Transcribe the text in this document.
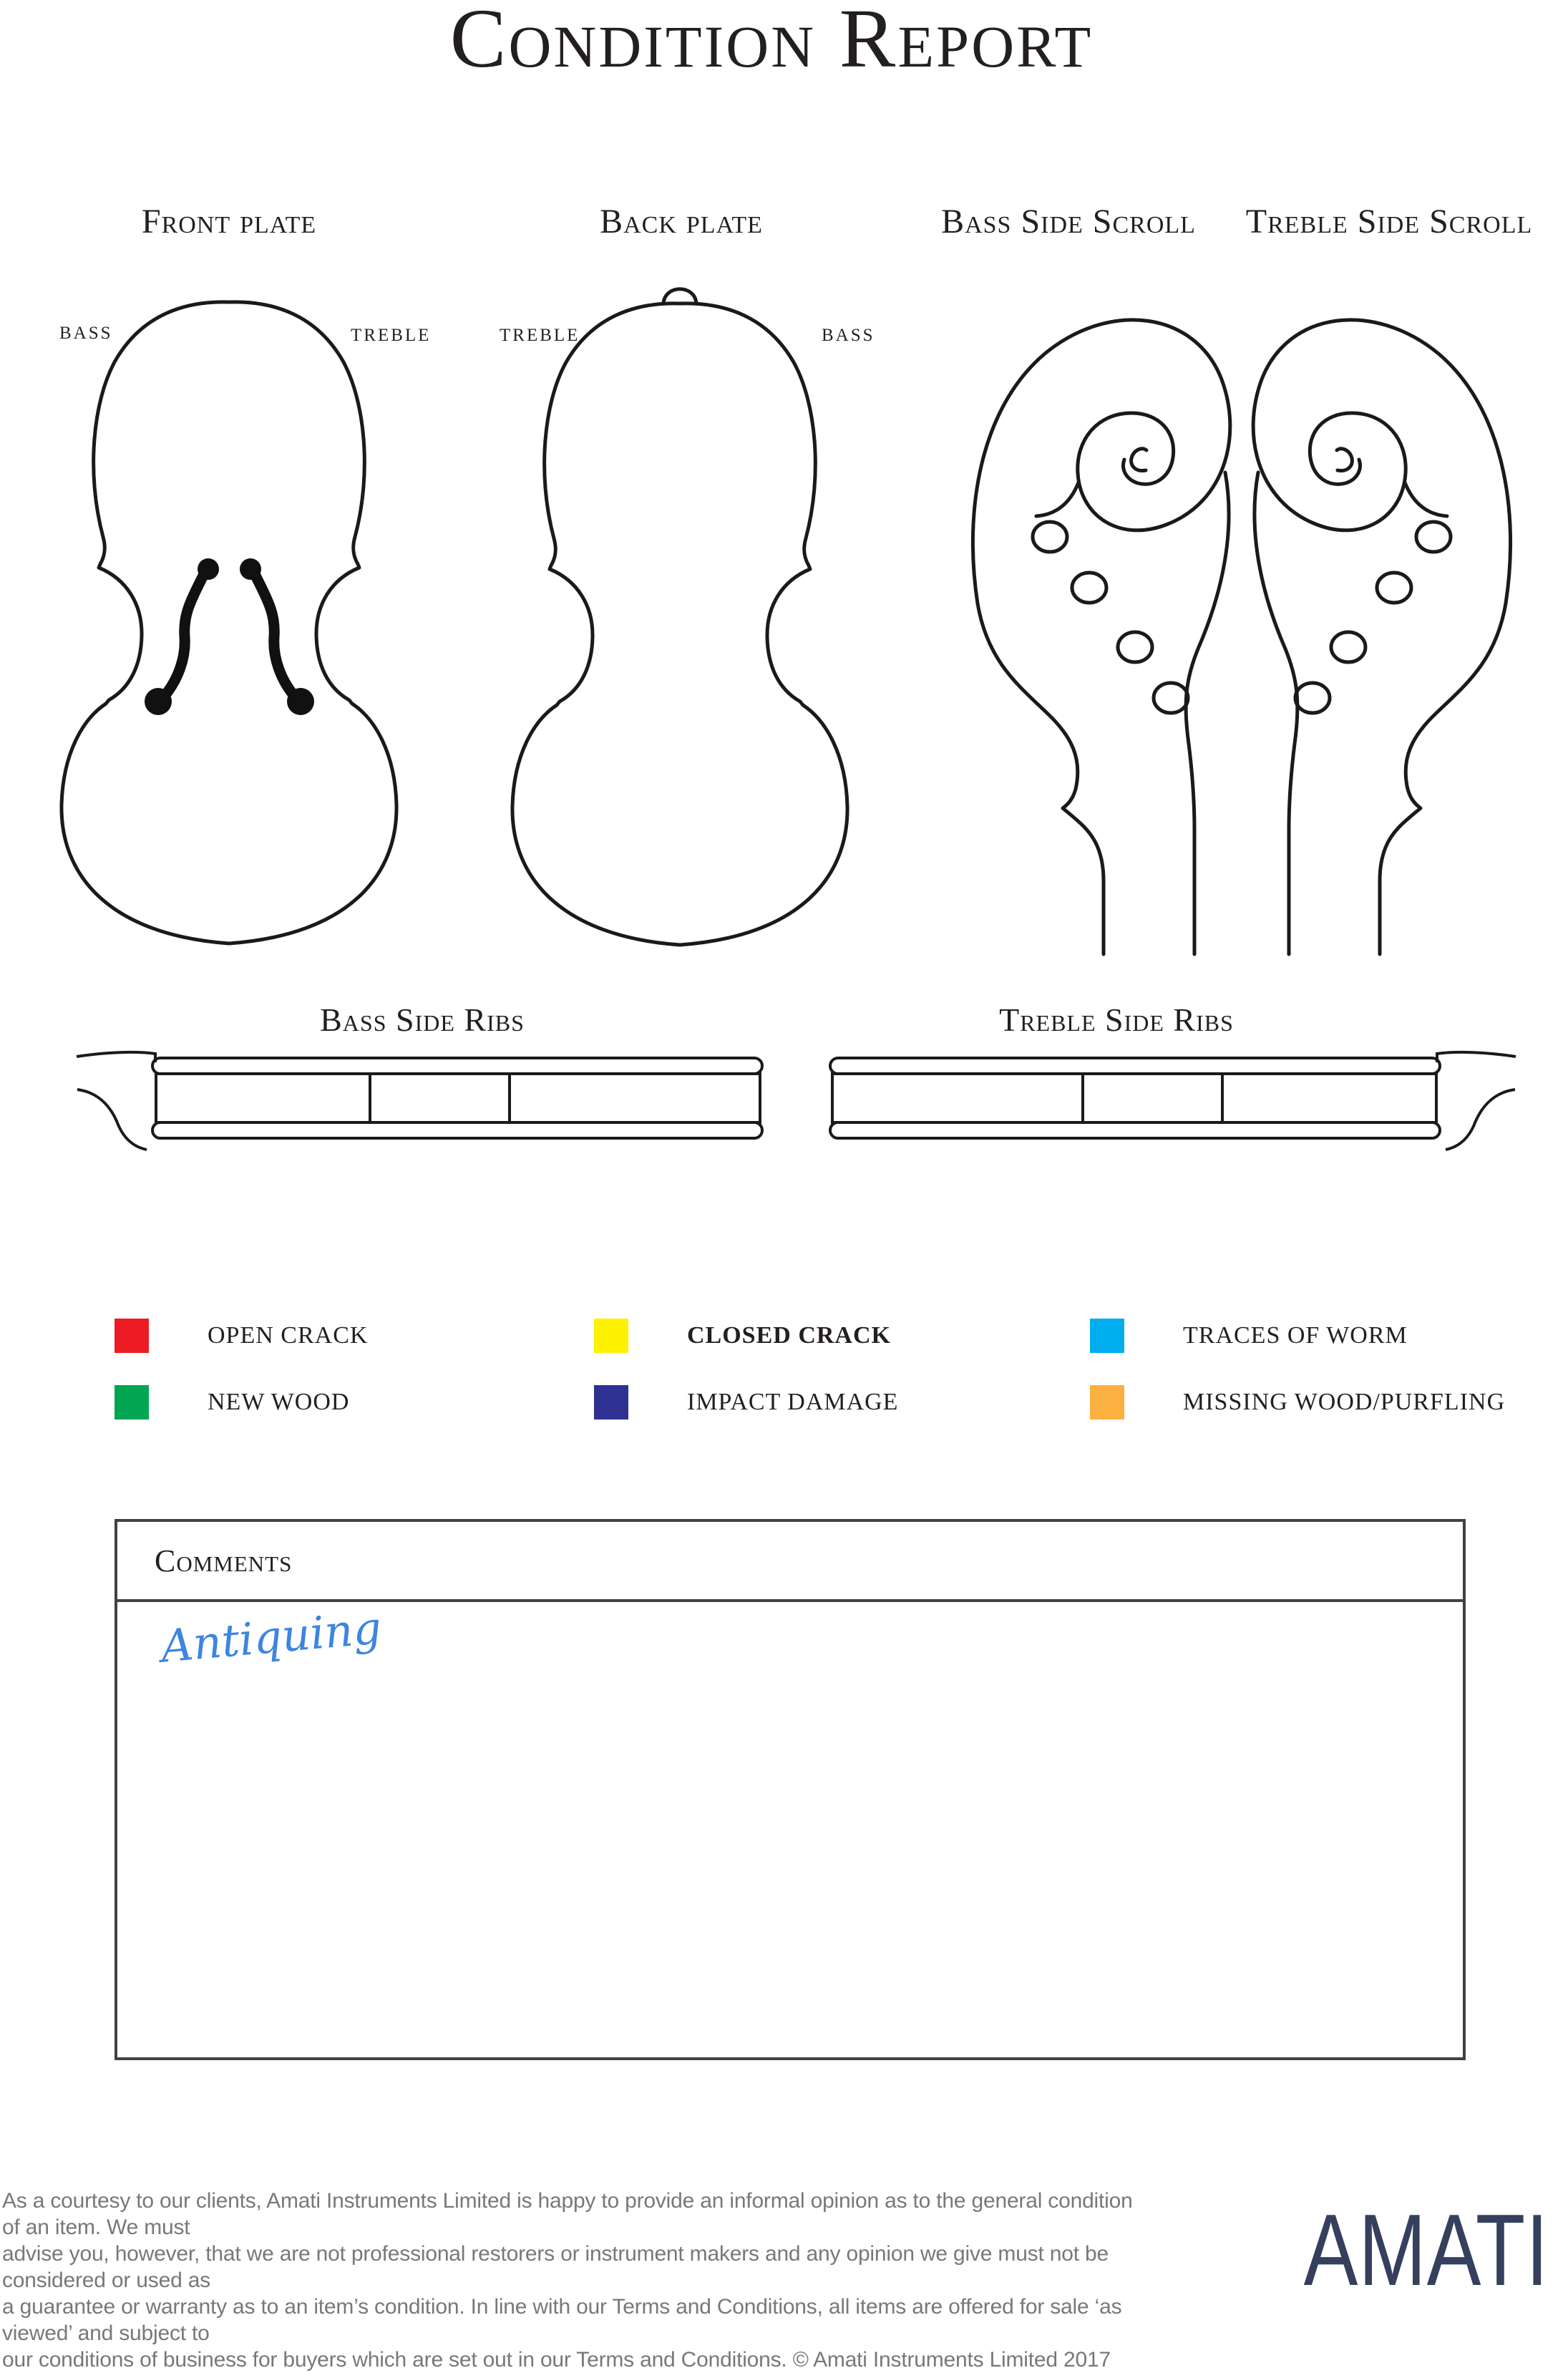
Condition Report
Front plate	Back plate	Bass Side Scroll	Treble Side Scroll
BASS	TREBLE	TREBLE	BASS
Bass Side Ribs	Treble Side Ribs
OPEN CRACK	CLOSED CRACK	TRACES OF WORM
NEW WOOD	IMPACT DAMAGE	MISSING WOOD/PURFLING
Comments
Antiquing
As a courtesy to our clients, Amati Instruments Limited is happy to provide an informal opinion as to the general condition of an item. We must
advise you, however, that we are not professional restorers or instrument makers and any opinion we give must not be considered or used as
a guarantee or warranty as to an item’s condition. In line with our Terms and Conditions, all items are offered for sale ‘as viewed’ and subject to
our conditions of business for buyers which are set out in our Terms and Conditions. © Amati Instruments Limited 2017
AMATI
